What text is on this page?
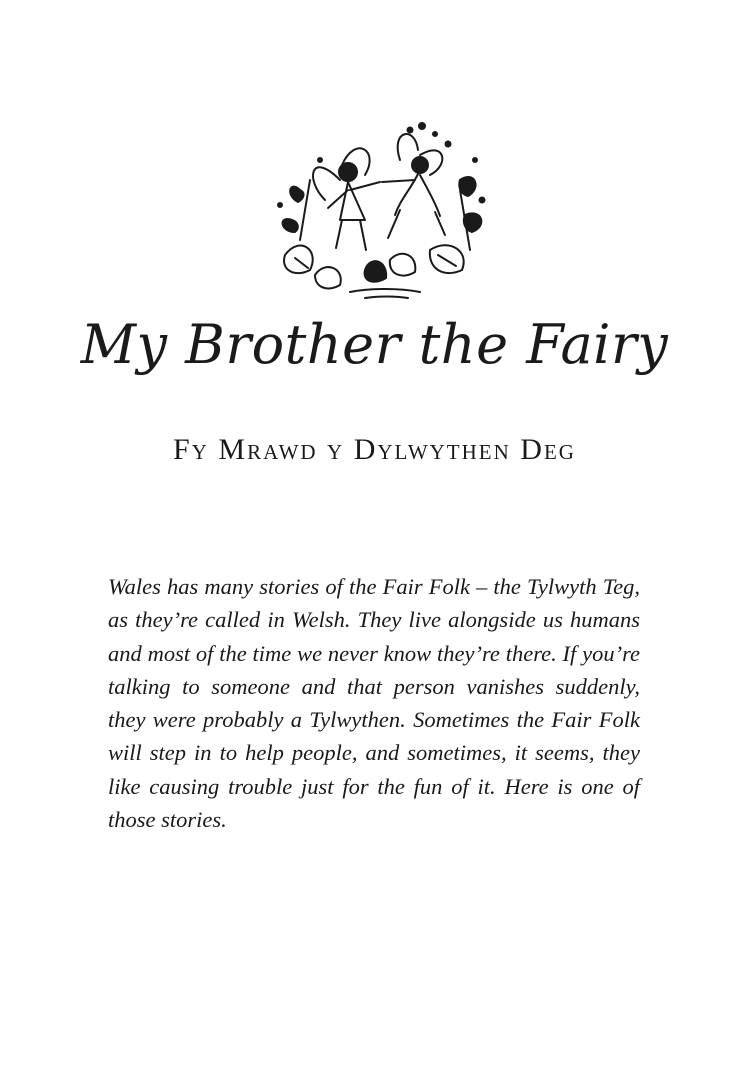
My Brother the Fairy
Fy Mrawd y Dylwythen Deg

Wales has many stories of the Fair Folk – the Tylwyth Teg, as they’re called in Welsh. They live alongside us humans and most of the time we never know they’re there. If you’re talking to someone and that person vanishes suddenly, they were probably a Tylwythen. Sometimes the Fair Folk will step in to help people, and sometimes, it seems, they like causing trouble just for the fun of it. Here is one of those stories.
